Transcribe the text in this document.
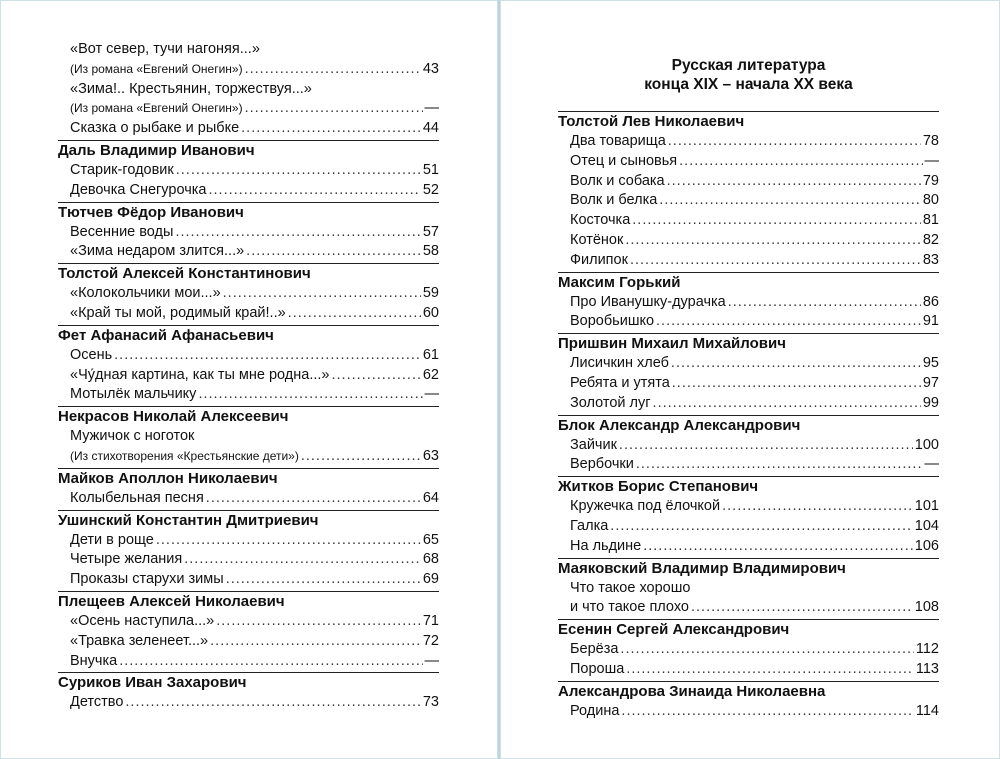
«Вот север, тучи нагоняя...»
(Из романа «Евгений Онегин») .....	43
«Зима!.. Крестьянин, торжествуя...»
(Из романа «Евгений Онегин») .....	—
Сказка о рыбаке и рыбке .....	44
Даль Владимир Иванович
Старик-годовик .....	51
Девочка Снегурочка .....	52
Тютчев Фёдор Иванович
Весенние воды .....	57
«Зима недаром злится...» .....	58
Толстой Алексей Константинович
«Колокольчики мои...» .....	59
«Край ты мой, родимый край!..» .....	60
Фет Афанасий Афанасьевич
Осень .....	61
«Чу́дная картина, как ты мне родна...» .....	62
Мотылёк мальчику .....	—
Некрасов Николай Алексеевич
Мужичок с ноготок
(Из стихотворения «Крестьянские дети») .....	63
Майков Аполлон Николаевич
Колыбельная песня .....	64
Ушинский Константин Дмитриевич
Дети в роще .....	65
Четыре желания .....	68
Проказы старухи зимы .....	69
Плещеев Алексей Николаевич
«Осень наступила...» .....	71
«Травка зеленеет...» .....	72
Внучка .....	—
Суриков Иван Захарович
Детство .....	73
Русская литература
конца XIX – начала XX века
Толстой Лев Николаевич
Два товарища .....	78
Отец и сыновья .....	—
Волк и собака .....	79
Волк и белка .....	80
Косточка .....	81
Котёнок .....	82
Филипок .....	83
Максим Горький
Про Иванушку-дурачка .....	86
Воробьишко .....	91
Пришвин Михаил Михайлович
Лисичкин хлеб .....	95
Ребята и утята .....	97
Золотой луг .....	99
Блок Александр Александрович
Зайчик .....	100
Вербочки .....	—
Житков Борис Степанович
Кружечка под ёлочкой .....	101
Галка .....	104
На льдине .....	106
Маяковский Владимир Владимирович
Что такое хорошо
и что такое плохо .....	108
Есенин Сергей Александрович
Берёза .....	112
Пороша .....	113
Александрова Зинаида Николаевна
Родина .....	114
